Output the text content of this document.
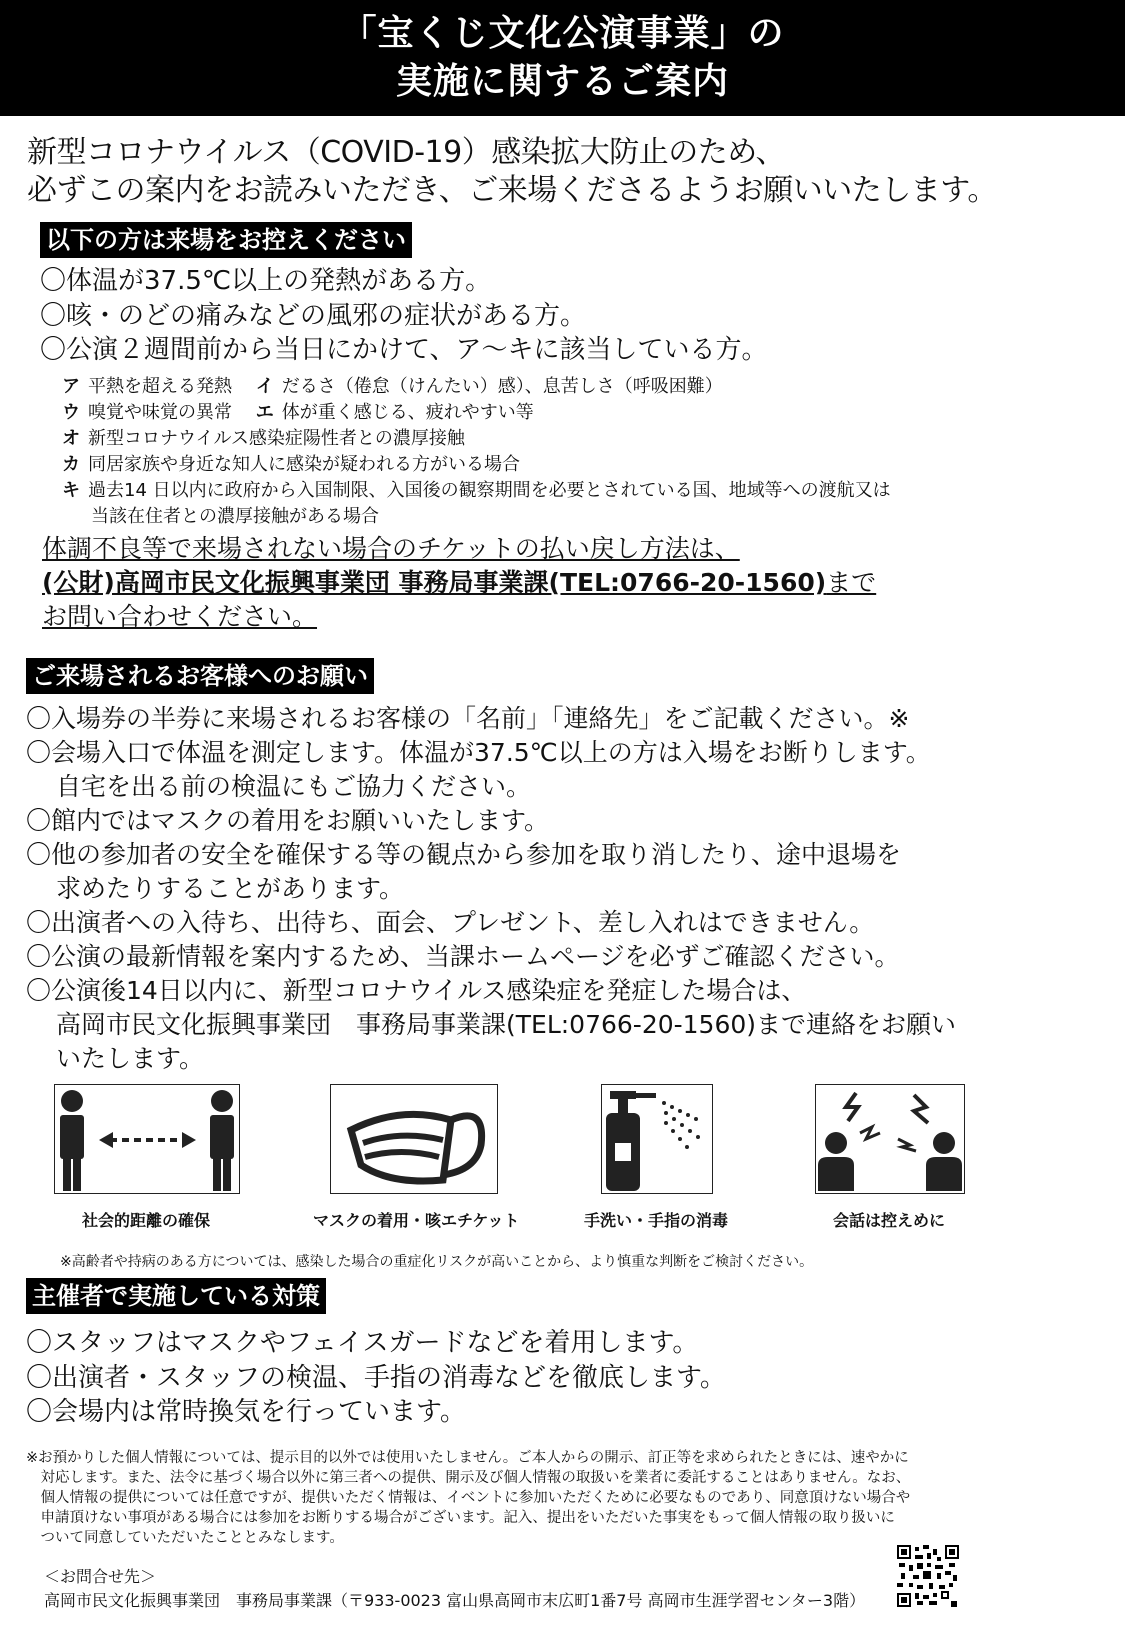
「宝くじ文化公演事業」の
実施に関するご案内
新型コロナウイルス（COVID-19）感染拡大防止のため、
必ずこの案内をお読みいただき、ご来場くださるようお願いいたします。
以下の方は来場をお控えください
〇体温が37.5℃以上の発熱がある方。
〇咳・のどの痛みなどの風邪の症状がある方。
〇公演２週間前から当日にかけて、ア～キに該当している方。
ア 平熱を超える発熱 イ だるさ（倦怠（けんたい）感）、息苦しさ（呼吸困難）
ウ 嗅覚や味覚の異常 エ 体が重く感じる、疲れやすい等
オ 新型コロナウイルス感染症陽性者との濃厚接触
カ 同居家族や身近な知人に感染が疑われる方がいる場合
キ 過去14 日以内に政府から入国制限、入国後の観察期間を必要とされている国、地域等への渡航又は
当該在住者との濃厚接触がある場合
体調不良等で来場されない場合のチケットの払い戻し方法は、
(公財)高岡市民文化振興事業団 事務局事業課(TEL:0766-20-1560)まで
お問い合わせください。
ご来場されるお客様へのお願い
〇入場券の半券に来場されるお客様の「名前」「連絡先」をご記載ください。※
〇会場入口で体温を測定します。体温が37.5℃以上の方は入場をお断りします。
自宅を出る前の検温にもご協力ください。
〇館内ではマスクの着用をお願いいたします。
〇他の参加者の安全を確保する等の観点から参加を取り消したり、途中退場を
求めたりすることがあります。
〇出演者への入待ち、出待ち、面会、プレゼント、差し入れはできません。
〇公演の最新情報を案内するため、当課ホームページを必ずご確認ください。
〇公演後14日以内に、新型コロナウイルス感染症を発症した場合は、
高岡市民文化振興事業団　事務局事業課(TEL:0766-20-1560)まで連絡をお願い
いたします。
社会的距離の確保	マスクの着用・咳エチケット	手洗い・手指の消毒	会話は控えめに
※高齢者や持病のある方については、感染した場合の重症化リスクが高いことから、より慎重な判断をご検討ください。
主催者で実施している対策
〇スタッフはマスクやフェイスガードなどを着用します。
〇出演者・スタッフの検温、手指の消毒などを徹底します。
〇会場内は常時換気を行っています。
※お預かりした個人情報については、提示目的以外では使用いたしません。ご本人からの開示、訂正等を求められたときには、速やかに
　対応します。また、法令に基づく場合以外に第三者への提供、開示及び個人情報の取扱いを業者に委託することはありません。なお、
　個人情報の提供については任意ですが、提供いただく情報は、イベントに参加いただくために必要なものであり、同意頂けない場合や
　申請頂けない事項がある場合には参加をお断りする場合がございます。記入、提出をいただいた事実をもって個人情報の取り扱いに
　ついて同意していただいたこととみなします。
＜お問合せ先＞
高岡市民文化振興事業団　事務局事業課（〒933-0023 富山県高岡市末広町1番7号 高岡市生涯学習センター3階）
